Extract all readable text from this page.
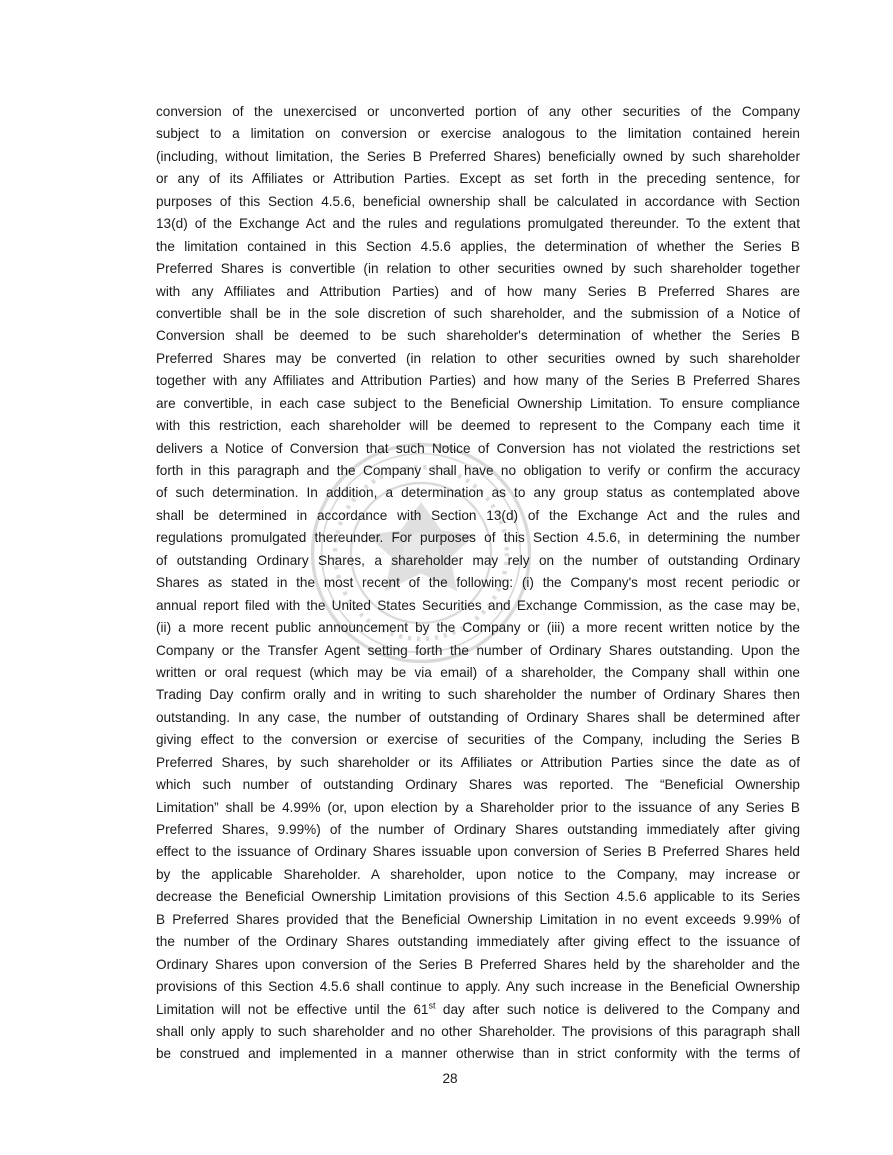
conversion of the unexercised or unconverted portion of any other securities of the Company
subject to a limitation on conversion or exercise analogous to the limitation contained herein
(including, without limitation, the Series B Preferred Shares) beneficially owned by such shareholder
or any of its Affiliates or Attribution Parties. Except as set forth in the preceding sentence, for
purposes of this Section 4.5.6, beneficial ownership shall be calculated in accordance with Section
13(d) of the Exchange Act and the rules and regulations promulgated thereunder. To the extent that
the limitation contained in this Section 4.5.6 applies, the determination of whether the Series B
Preferred Shares is convertible (in relation to other securities owned by such shareholder together
with any Affiliates and Attribution Parties) and of how many Series B Preferred Shares are
convertible shall be in the sole discretion of such shareholder, and the submission of a Notice of
Conversion shall be deemed to be such shareholder's determination of whether the Series B
Preferred Shares may be converted (in relation to other securities owned by such shareholder
together with any Affiliates and Attribution Parties) and how many of the Series B Preferred Shares
are convertible, in each case subject to the Beneficial Ownership Limitation. To ensure compliance
with this restriction, each shareholder will be deemed to represent to the Company each time it
delivers a Notice of Conversion that such Notice of Conversion has not violated the restrictions set
forth in this paragraph and the Company shall have no obligation to verify or confirm the accuracy
of such determination. In addition, a determination as to any group status as contemplated above
shall be determined in accordance with Section 13(d) of the Exchange Act and the rules and
regulations promulgated thereunder. For purposes of this Section 4.5.6, in determining the number
of outstanding Ordinary Shares, a shareholder may rely on the number of outstanding Ordinary
Shares as stated in the most recent of the following: (i) the Company's most recent periodic or
annual report filed with the United States Securities and Exchange Commission, as the case may be,
(ii) a more recent public announcement by the Company or (iii) a more recent written notice by the
Company or the Transfer Agent setting forth the number of Ordinary Shares outstanding. Upon the
written or oral request (which may be via email) of a shareholder, the Company shall within one
Trading Day confirm orally and in writing to such shareholder the number of Ordinary Shares then
outstanding. In any case, the number of outstanding of Ordinary Shares shall be determined after
giving effect to the conversion or exercise of securities of the Company, including the Series B
Preferred Shares, by such shareholder or its Affiliates or Attribution Parties since the date as of
which such number of outstanding Ordinary Shares was reported. The “Beneficial Ownership
Limitation” shall be 4.99% (or, upon election by a Shareholder prior to the issuance of any Series B
Preferred Shares, 9.99%) of the number of Ordinary Shares outstanding immediately after giving
effect to the issuance of Ordinary Shares issuable upon conversion of Series B Preferred Shares held
by the applicable Shareholder. A shareholder, upon notice to the Company, may increase or
decrease the Beneficial Ownership Limitation provisions of this Section 4.5.6 applicable to its Series
B Preferred Shares provided that the Beneficial Ownership Limitation in no event exceeds 9.99% of
the number of the Ordinary Shares outstanding immediately after giving effect to the issuance of
Ordinary Shares upon conversion of the Series B Preferred Shares held by the shareholder and the
provisions of this Section 4.5.6 shall continue to apply. Any such increase in the Beneficial Ownership
Limitation will not be effective until the 61st day after such notice is delivered to the Company and
shall only apply to such shareholder and no other Shareholder. The provisions of this paragraph shall
be construed and implemented in a manner otherwise than in strict conformity with the terms of
28
